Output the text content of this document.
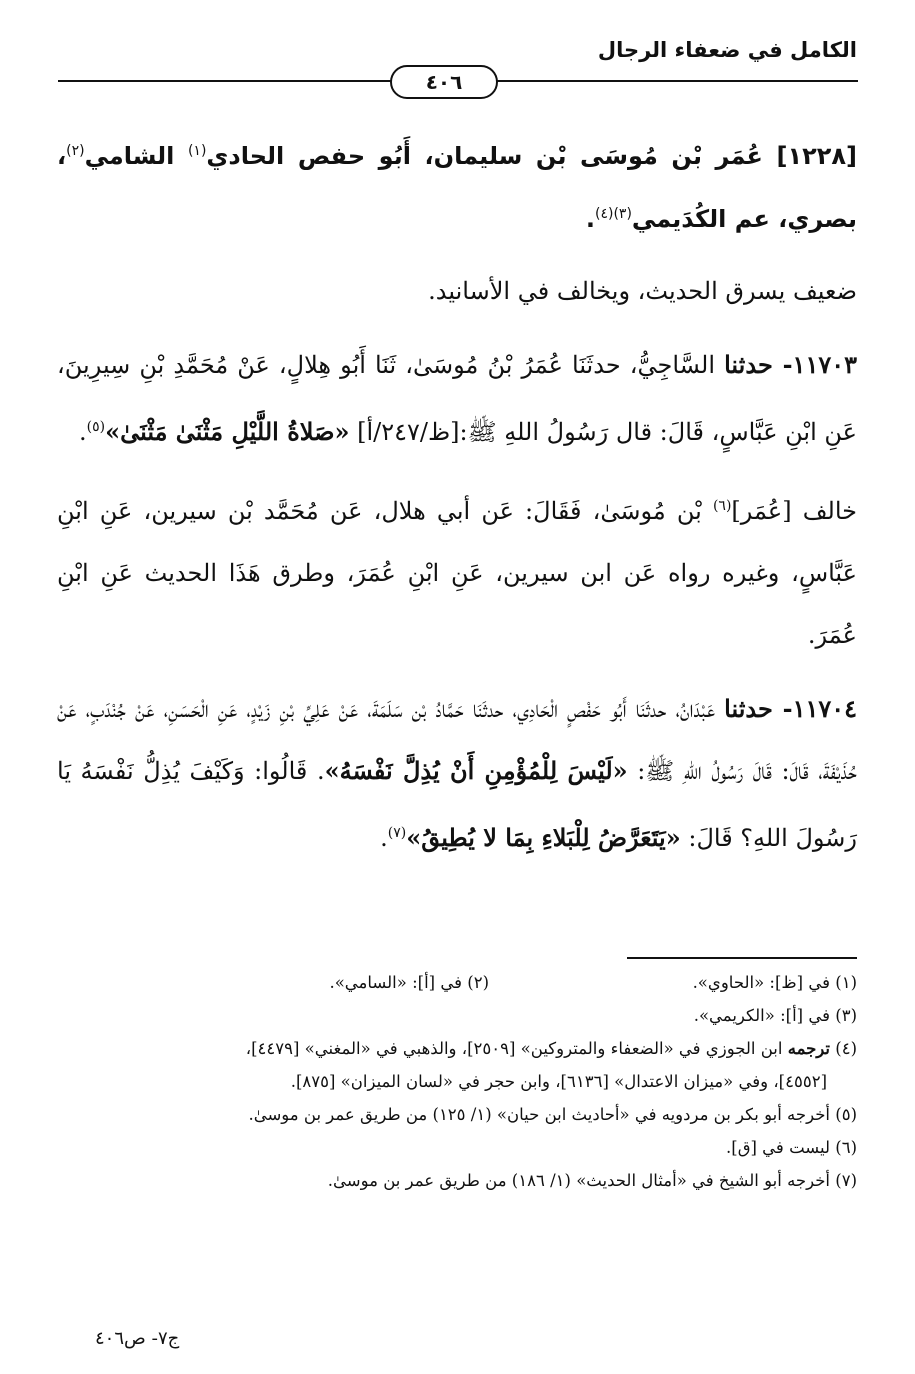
الكامل في ضعفاء الرجال
٤٠٦

[١٢٢٨] عُمَر بْن مُوسَى بْن سليمان، أَبُو حفص الحادي$^{(١)}$ الشامي$^{(٢)}$، بصري، عم الكُدَيمي$^{(٣)(٤)}$.

ضعيف يسرق الحديث، ويخالف في الأسانيد.

١١٧٠٣- حدثنا السَّاجِيُّ، حدثَنَا عُمَرُ بْنُ مُوسَىٰ، ثَنَا أَبُو هِلالٍ، عَنْ مُحَمَّدِ بْنِ سِيرِينَ، عَنِ ابْنِ عَبَّاسٍ، قَالَ: قال رَسُولُ اللهِ ﷺ:[ظ/٢٤٧/أ] «صَلاةُ اللَّيْلِ مَثْنَىٰ مَثْنَىٰ»$^{(٥)}$.

خالف [عُمَر]$^{(٦)}$ بْن مُوسَىٰ، فَقَالَ: عَن أبي هلال، عَن مُحَمَّد بْن سيرين، عَنِ ابْنِ عَبَّاسٍ، وغيره رواه عَن ابن سيرين، عَنِ ابْنِ عُمَرَ، وطرق هَذَا الحديث عَنِ ابْنِ عُمَرَ.

١١٧٠٤- حدثنا عَبْدَانُ، حدثَنَا أَبُو حَفْصٍ الْحَادِي، حدثَنَا حَمَّادُ بْن سَلَمَةَ، عَنْ عَلِيِّ بْنِ زَيْدٍ، عَنِ الْحَسَنِ، عَنْ جُنْدَبٍ، عَنْ حُذَيْفَةَ، قَالَ: قَالَ رَسُولُ اللهِ ﷺ: «لَيْسَ لِلْمُؤْمِنِ أَنْ يُذِلَّ نَفْسَهُ». قَالُوا: وَكَيْفَ يُذِلُّ نَفْسَهُ يَا رَسُولَ اللهِ؟ قَالَ: «يَتَعَرَّضُ لِلْبَلاءِ بِمَا لا يُطِيقُ»$^{(٧)}$.

(١) في [ظ]: «الحاوي».
(٢) في [أ]: «السامي».

(٣) في [أ]: «الكريمي».

(٤) ترجمه ابن الجوزي في «الضعفاء والمتروكين» [٢٥٠٩]، والذهبي في «المغني» [٤٤٧٩]،

[٤٥٥٢]، وفي «ميزان الاعتدال» [٦١٣٦]، وابن حجر في «لسان الميزان» [٨٧٥].

(٥) أخرجه أبو بكر بن مردويه في «أحاديث ابن حيان» (١/ ١٢٥) من طريق عمر بن موسىٰ.

(٦) ليست في [ق].

(٧) أخرجه أبو الشيخ في «أمثال الحديث» (١/ ١٨٦) من طريق عمر بن موسىٰ.

ج٧- ص٤٠٦
